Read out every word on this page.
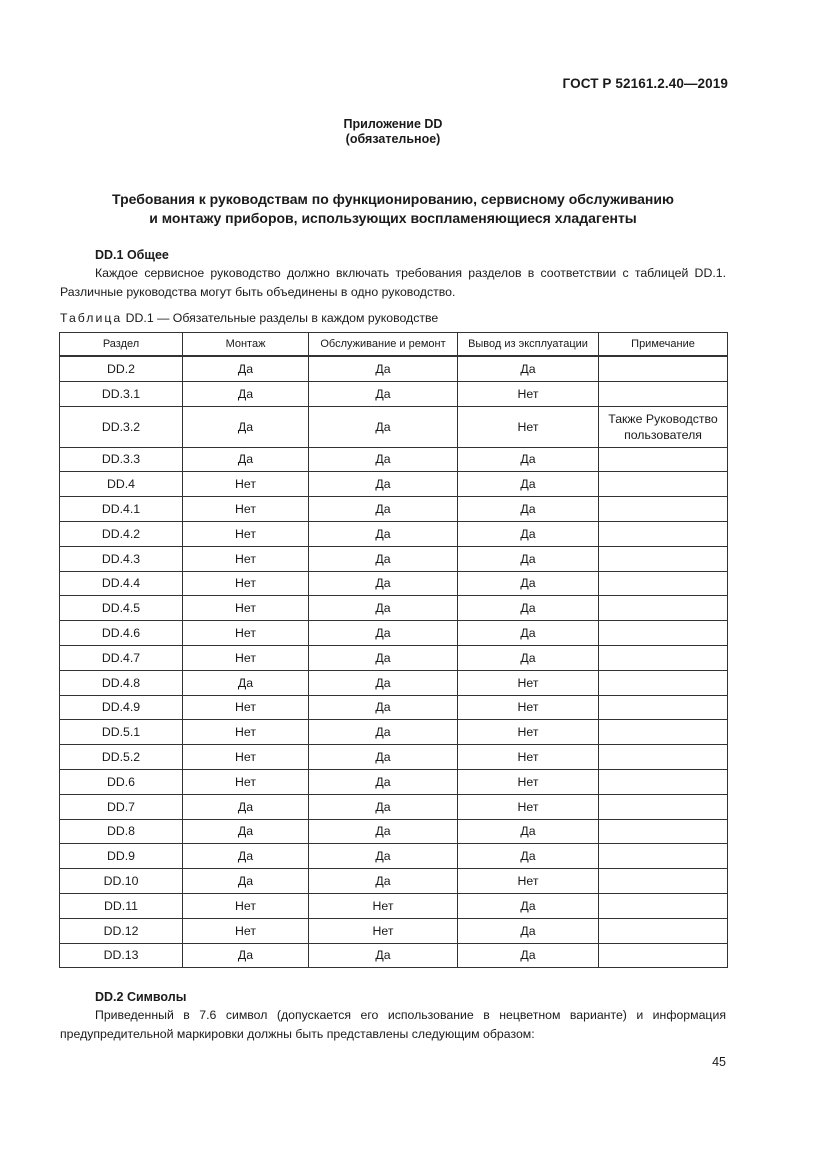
ГОСТ Р 52161.2.40—2019
Приложение DD
(обязательное)
Требования к руководствам по функционированию, сервисному обслуживанию
и монтажу приборов, использующих воспламеняющиеся хладагенты
DD.1 Общее
Каждое сервисное руководство должно включать требования разделов в соответствии с таблицей DD.1. Различные руководства могут быть объединены в одно руководство.
Таблица DD.1 — Обязательные разделы в каждом руководстве
Раздел	Монтаж	Обслуживание и ремонт	Вывод из эксплуатации	Примечание
DD.2	Да	Да	Да	
DD.3.1	Да	Да	Нет	
DD.3.2	Да	Да	Нет	Также Руководство пользователя
DD.3.3	Да	Да	Да	
DD.4	Нет	Да	Да	
DD.4.1	Нет	Да	Да	
DD.4.2	Нет	Да	Да	
DD.4.3	Нет	Да	Да	
DD.4.4	Нет	Да	Да	
DD.4.5	Нет	Да	Да	
DD.4.6	Нет	Да	Да	
DD.4.7	Нет	Да	Да	
DD.4.8	Да	Да	Нет	
DD.4.9	Нет	Да	Нет	
DD.5.1	Нет	Да	Нет	
DD.5.2	Нет	Да	Нет	
DD.6	Нет	Да	Нет	
DD.7	Да	Да	Нет	
DD.8	Да	Да	Да	
DD.9	Да	Да	Да	
DD.10	Да	Да	Нет	
DD.11	Нет	Нет	Да	
DD.12	Нет	Нет	Да	
DD.13	Да	Да	Да	
DD.2 Символы
Приведенный в 7.6 символ (допускается его использование в нецветном варианте) и информация предупредительной маркировки должны быть представлены следующим образом:
45
